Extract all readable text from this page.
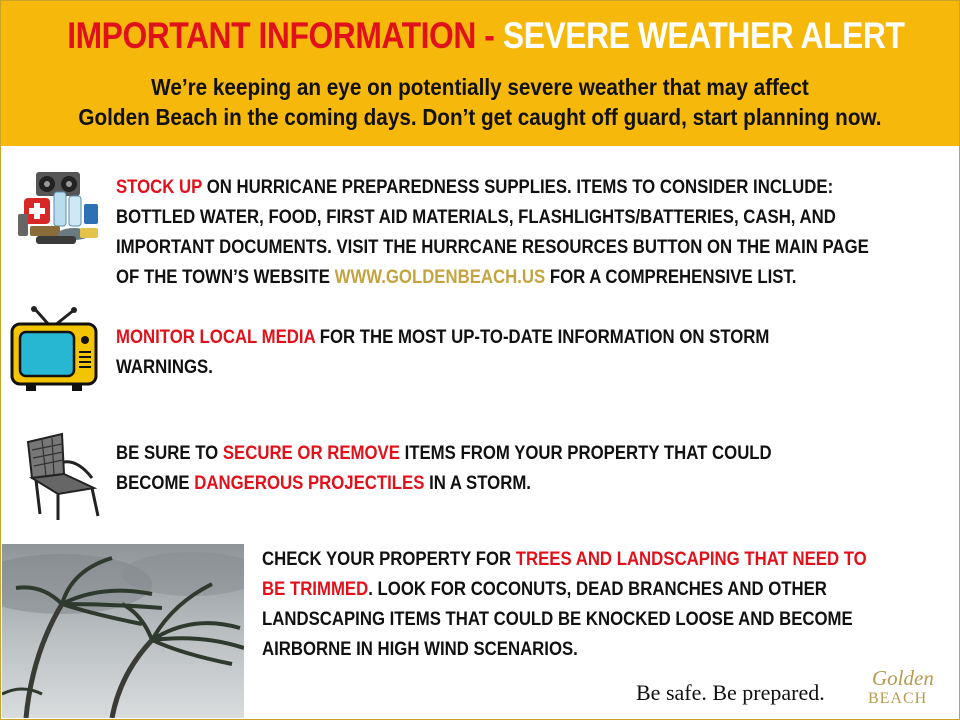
IMPORTANT INFORMATION - SEVERE WEATHER ALERT
We’re keeping an eye on potentially severe weather that may affect
Golden Beach in the coming days. Don’t get caught off guard, start planning now.
STOCK UP ON HURRICANE PREPAREDNESS SUPPLIES. ITEMS TO CONSIDER INCLUDE:
BOTTLED WATER, FOOD, FIRST AID MATERIALS, FLASHLIGHTS/BATTERIES, CASH, AND
IMPORTANT DOCUMENTS. VISIT THE HURRCANE RESOURCES BUTTON ON THE MAIN PAGE
OF THE TOWN’S WEBSITE WWW.GOLDENBEACH.US FOR A COMPREHENSIVE LIST.
MONITOR LOCAL MEDIA FOR THE MOST UP-TO-DATE INFORMATION ON STORM
WARNINGS.
BE SURE TO SECURE OR REMOVE ITEMS FROM YOUR PROPERTY THAT COULD
BECOME DANGEROUS PROJECTILES IN A STORM.
CHECK YOUR PROPERTY FOR TREES AND LANDSCAPING THAT NEED TO
BE TRIMMED. LOOK FOR COCONUTS, DEAD BRANCHES AND OTHER
LANDSCAPING ITEMS THAT COULD BE KNOCKED LOOSE AND BECOME
AIRBORNE IN HIGH WIND SCENARIOS.
Be safe. Be prepared.
Golden
BEACH
